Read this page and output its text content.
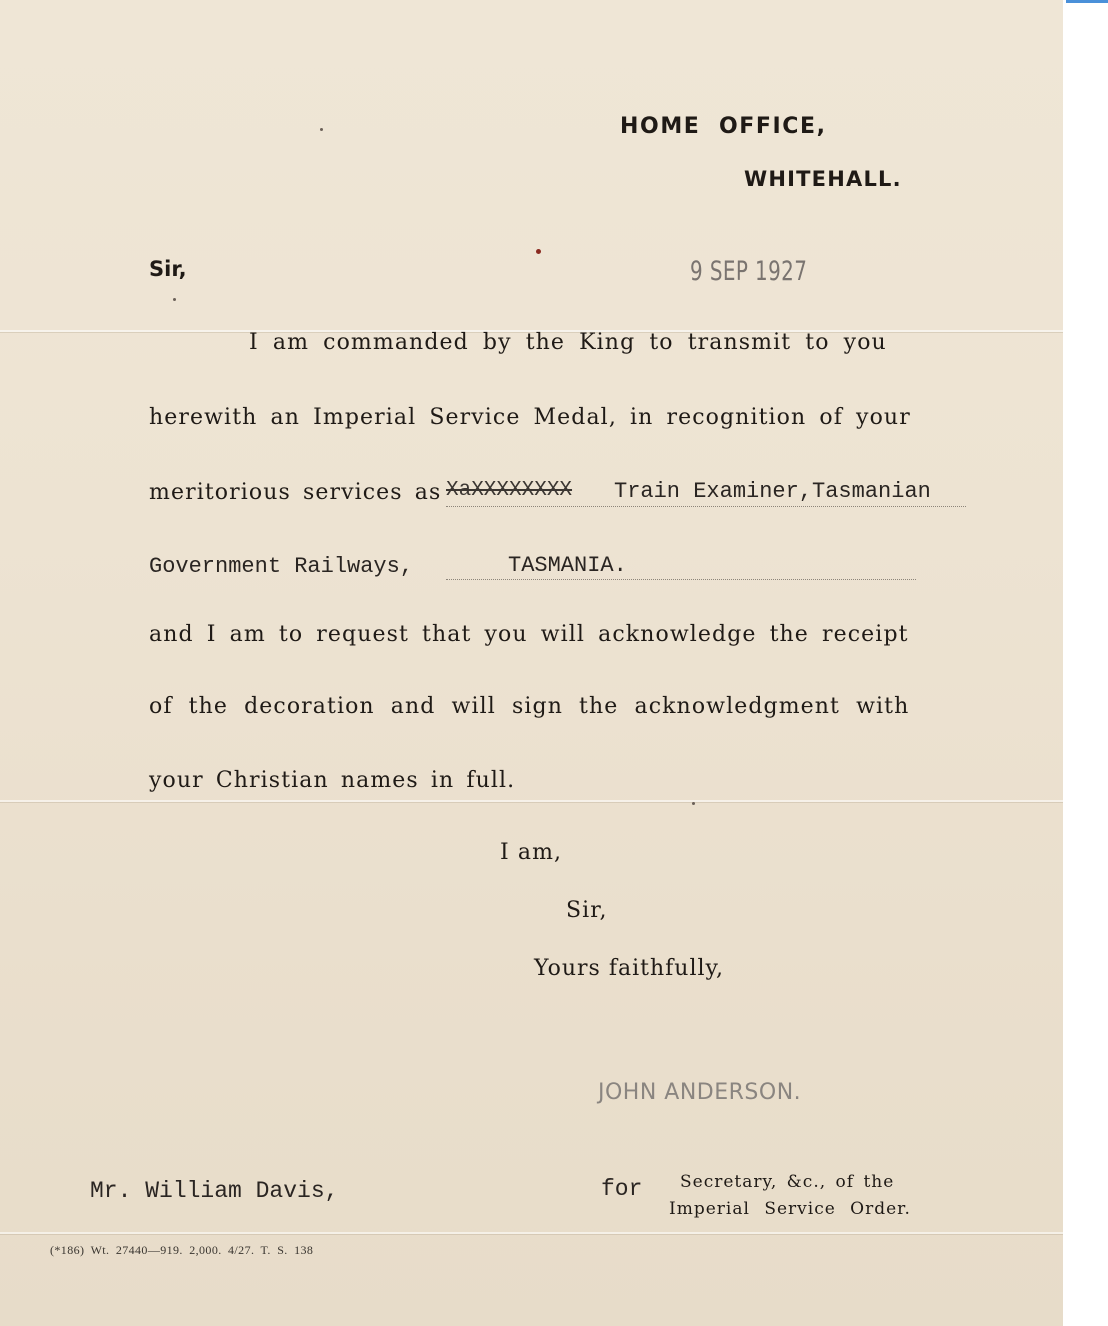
HOME  OFFICE,
WHITEHALL.
Sir,	9 SEP 1927
I am commanded by the King to transmit to you
herewith an Imperial Service Medal, in recognition of your
meritorious services as XaXXXXXXXX Train Examiner,Tasmanian
Government Railways,	TASMANIA.
and I am to request that you will acknowledge the receipt
of the decoration and will sign the acknowledgment with
your Christian names in full.
I am,
Sir,
Yours faithfully,
JOHN ANDERSON.
Mr. William Davis,	for Secretary, &c., of the
Imperial Service Order.
(*186) Wt. 27440—919. 2,000. 4/27. T. S. 138
